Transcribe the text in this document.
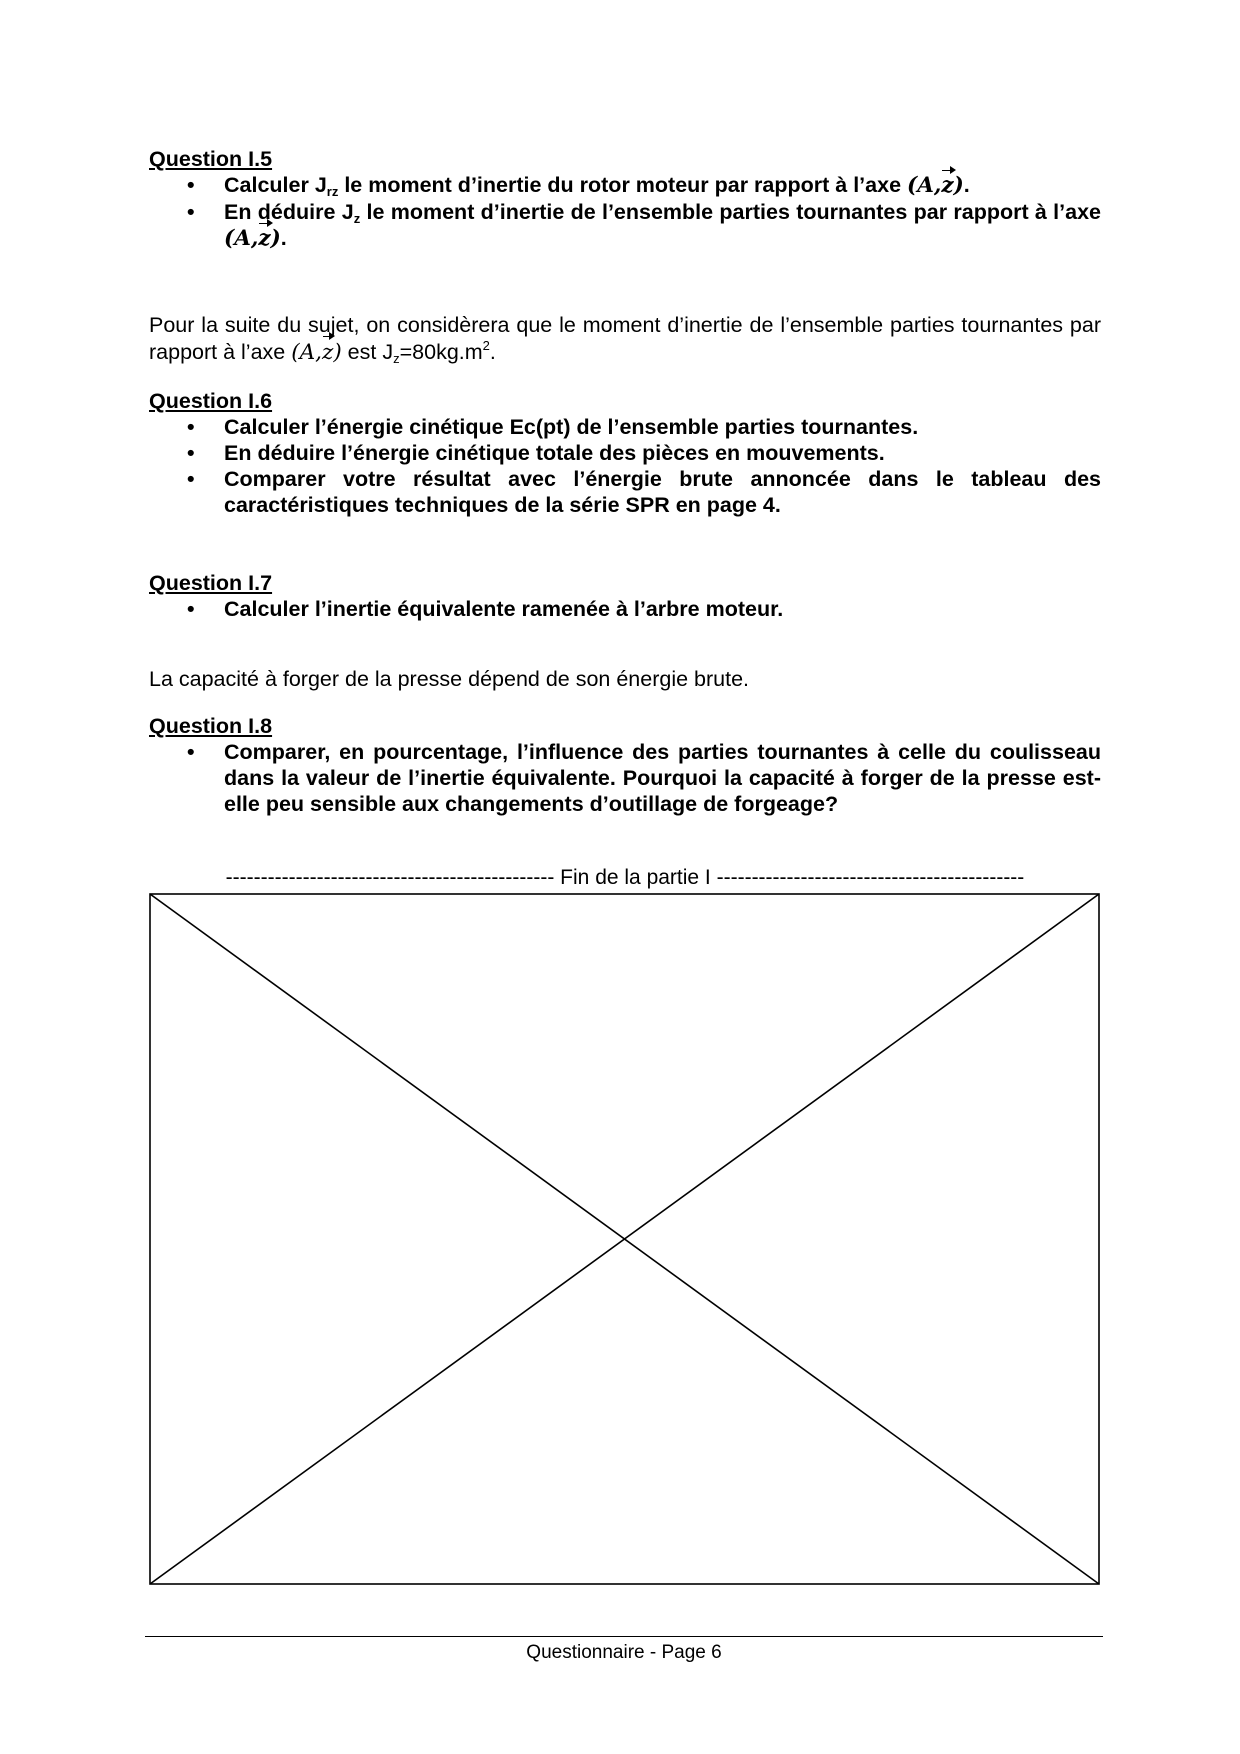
Question I.5

• Calculer $J_{rz}$ le moment d’inertie du rotor moteur par rapport à l’axe (A,z).
• En déduire $J_z$ le moment d’inertie de l’ensemble parties tournantes par rapport à l’axe (A,z).

Pour la suite du sujet, on considèrera que le moment d’inertie de l’ensemble parties tournantes par rapport à l’axe (A,z) est $J_z=80kg.m^2$.

Question I.6

• Calculer l’énergie cinétique Ec(pt) de l’ensemble parties tournantes.
• En déduire l’énergie cinétique totale des pièces en mouvements.
• Comparer votre résultat avec l’énergie brute annoncée dans le tableau des caractéristiques techniques de la série SPR en page 4.

Question I.7

• Calculer l’inertie équivalente ramenée à l’arbre moteur.

La capacité à forger de la presse dépend de son énergie brute.

Question I.8

• Comparer, en pourcentage, l’influence des parties tournantes à celle du coulisseau dans la valeur de l’inertie équivalente. Pourquoi la capacité à forger de la presse est-elle peu sensible aux changements d’outillage de forgeage?
----------------------------------------------- Fin de la partie I --------------------------------------------
Questionnaire - Page 6
